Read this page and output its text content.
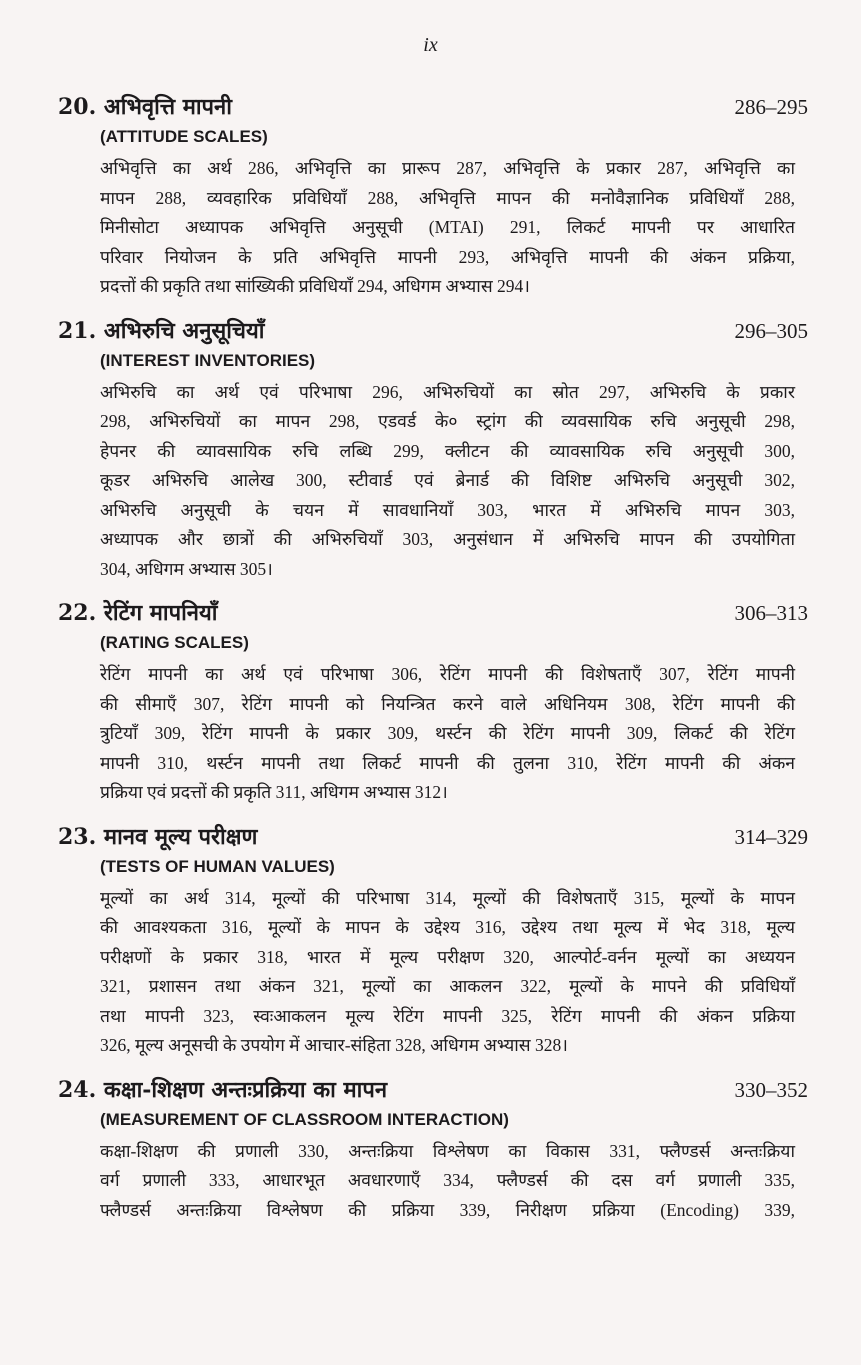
ix
20. अभिवृत्ति मापनी	286–295
(ATTITUDE SCALES)
अभिवृत्ति का अर्थ 286, अभिवृत्ति का प्रारूप 287, अभिवृत्ति के प्रकार 287, अभिवृत्ति का
मापन 288, व्यवहारिक प्रविधियाँ 288, अभिवृत्ति मापन की मनोवैज्ञानिक प्रविधियाँ 288,
मिनीसोटा अध्यापक अभिवृत्ति अनुसूची (MTAI) 291, लिकर्ट मापनी पर आधारित
परिवार नियोजन के प्रति अभिवृत्ति मापनी 293, अभिवृत्ति मापनी की अंकन प्रक्रिया,
प्रदत्तों की प्रकृति तथा सांख्यिकी प्रविधियाँ 294, अधिगम अभ्यास 294।
21. अभिरुचि अनुसूचियाँ	296–305
(INTEREST INVENTORIES)
अभिरुचि का अर्थ एवं परिभाषा 296, अभिरुचियों का स्रोत 297, अभिरुचि के प्रकार
298, अभिरुचियों का मापन 298, एडवर्ड के० स्ट्रांग की व्यवसायिक रुचि अनुसूची 298,
हेपनर की व्यावसायिक रुचि लब्धि 299, क्लीटन की व्यावसायिक रुचि अनुसूची 300,
कूडर अभिरुचि आलेख 300, स्टीवार्ड एवं ब्रेनार्ड की विशिष्ट अभिरुचि अनुसूची 302,
अभिरुचि अनुसूची के चयन में सावधानियाँ 303, भारत में अभिरुचि मापन 303,
अध्यापक और छात्रों की अभिरुचियाँ 303, अनुसंधान में अभिरुचि मापन की उपयोगिता
304, अधिगम अभ्यास 305।
22. रेटिंग मापनियाँ	306–313
(RATING SCALES)
रेटिंग मापनी का अर्थ एवं परिभाषा 306, रेटिंग मापनी की विशेषताएँ 307, रेटिंग मापनी
की सीमाएँ 307, रेटिंग मापनी को नियन्त्रित करने वाले अधिनियम 308, रेटिंग मापनी की
त्रुटियाँ 309, रेटिंग मापनी के प्रकार 309, थर्स्टन की रेटिंग मापनी 309, लिकर्ट की रेटिंग
मापनी 310, थर्स्टन मापनी तथा लिकर्ट मापनी की तुलना 310, रेटिंग मापनी की अंकन
प्रक्रिया एवं प्रदत्तों की प्रकृति 311, अधिगम अभ्यास 312।
23. मानव मूल्य परीक्षण	314–329
(TESTS OF HUMAN VALUES)
मूल्यों का अर्थ 314, मूल्यों की परिभाषा 314, मूल्यों की विशेषताएँ 315, मूल्यों के मापन
की आवश्यकता 316, मूल्यों के मापन के उद्देश्य 316, उद्देश्य तथा मूल्य में भेद 318, मूल्य
परीक्षणों के प्रकार 318, भारत में मूल्य परीक्षण 320, आल्पोर्ट-वर्नन मूल्यों का अध्ययन
321, प्रशासन तथा अंकन 321, मूल्यों का आकलन 322, मूल्यों के मापने की प्रविधियाँ
तथा मापनी 323, स्वःआकलन मूल्य रेटिंग मापनी 325, रेटिंग मापनी की अंकन प्रक्रिया
326, मूल्य अनूसची के उपयोग में आचार-संहिता 328, अधिगम अभ्यास 328।
24. कक्षा-शिक्षण अन्तःप्रक्रिया का मापन	330–352
(MEASUREMENT OF CLASSROOM INTERACTION)
कक्षा-शिक्षण की प्रणाली 330, अन्तःक्रिया विश्लेषण का विकास 331, फ्लैण्डर्स अन्तःक्रिया
वर्ग प्रणाली 333, आधारभूत अवधारणाएँ 334, फ्लैण्डर्स की दस वर्ग प्रणाली 335,
फ्लैण्डर्स अन्तःक्रिया विश्लेषण की प्रक्रिया 339, निरीक्षण प्रक्रिया (Encoding) 339,
